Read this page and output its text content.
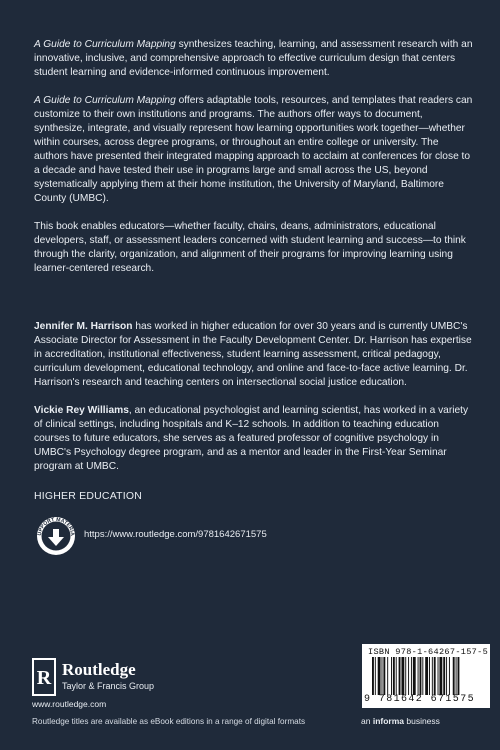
A Guide to Curriculum Mapping synthesizes teaching, learning, and assessment research with an innovative, inclusive, and comprehensive approach to effective curriculum design that centers student learning and evidence-informed continuous improvement.

A Guide to Curriculum Mapping offers adaptable tools, resources, and templates that readers can customize to their own institutions and programs. The authors offer ways to document, synthesize, integrate, and visually represent how learning opportunities work together—whether within courses, across degree programs, or throughout an entire college or university. The authors have presented their integrated mapping approach to acclaim at conferences for close to a decade and have tested their use in programs large and small across the US, beyond systematically applying them at their home institution, the University of Maryland, Baltimore County (UMBC).

This book enables educators—whether faculty, chairs, deans, administrators, educational developers, staff, or assessment leaders concerned with student learning and success—to think through the clarity, organization, and alignment of their programs for improving learning using learner-centered research.

Jennifer M. Harrison has worked in higher education for over 30 years and is currently UMBC's Associate Director for Assessment in the Faculty Development Center. Dr. Harrison has expertise in accreditation, institutional effectiveness, student learning assessment, critical pedagogy, curriculum development, educational technology, and online and face-to-face active learning. Dr. Harrison's research and teaching centers on intersectional social justice education.

Vickie Rey Williams, an educational psychologist and learning scientist, has worked in a variety of clinical settings, including hospitals and K–12 schools. In addition to teaching education courses to future educators, she serves as a featured professor of cognitive psychology in UMBC's Psychology degree program, and as a mentor and leader in the First-Year Seminar program at UMBC.

HIGHER EDUCATION
UPPORT MATERIA https://www.routledge.com/9781642671575
R Routledge
Taylor & Francis Group
www.routledge.com
Routledge titles are available as eBook editions in a range of digital formats
ISBN 978-1-64267-157-5
9 781642 671575
an informa business
